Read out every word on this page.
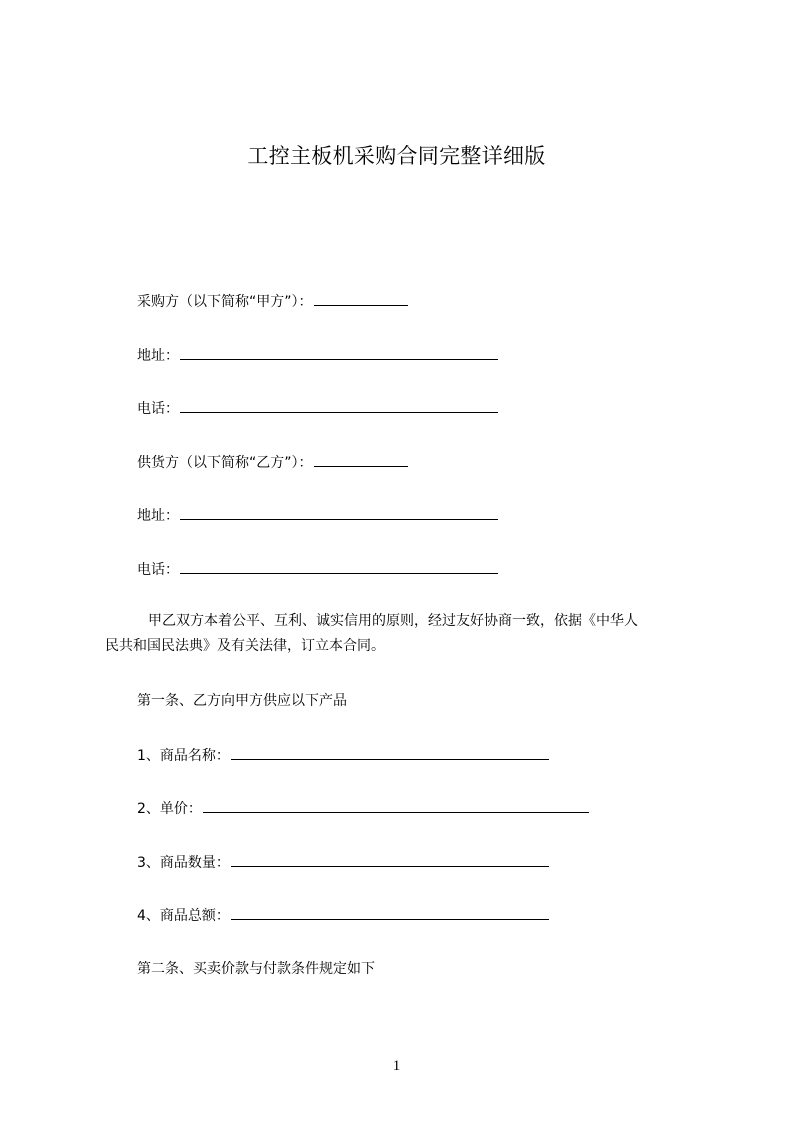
工控主板机采购合同完整详细版
采购方（以下简称“甲方”）：
地址：
电话：
供货方（以下简称“乙方”）：
地址：
电话：
甲乙双方本着公平、互利、诚实信用的原则，经过友好协商一致，依据《中华人
民共和国民法典》及有关法律，订立本合同。
第一条、乙方向甲方供应以下产品
1、商品名称：
2、单价：
3、商品数量：
4、商品总额：
第二条、买卖价款与付款条件规定如下
1
